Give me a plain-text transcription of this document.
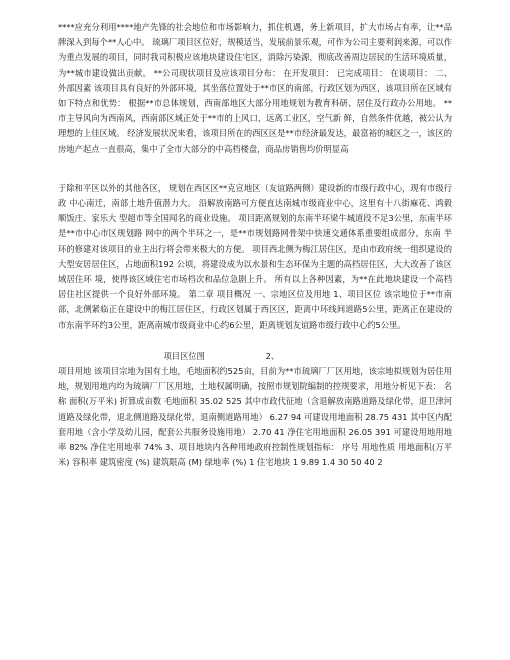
****应充分利用****地产先锋的社会地位和市场影响力，抓住机遇，务上新项目，扩大市场占有率，让**品牌深入到每个**人心中。 琉璃厂项目区位好，规模适当，发展前景乐观，可作为公司主要利润来源，可以作为重点发展的项目，同时我司积极应该地块建设住宅区，消除污染源，彻底改善周边居民的生活环境质量，为**城市建设做出贡献。 **公司现状项目及应该项目分布： 在开发项目： 已完成项目： 在谈项目： 二、外部因素 该项目具有良好的外部环境，其坐落位置处于**市区的南部，行政区划为西区，该项目所在区域有如下特点和优势： 根据**市总体规划，西南部地区大部分用地规划为教育科研、居住及行政办公用地。 **市主导风向为西南风，西南部区域正处于**市的上风口，远离工业区，空气新 鲜，自然条件优越，被公认为理想的上佳区域。 经济发展状况来看，该项目所在的西区区是**市经济最发达，最富裕的城区之一，该区的房地产起点一直很高，集中了全市大部分的中高档楼盘，商品房销售均价明显高

于除和平区以外的其他各区， 规划在西区区**克宣地区（友谊路两侧）建设新的市级行政中心，现有市级行政 中心南迁，南部土地升值潜力大。 沿解放南路可方便直达南城市级商业中心，这里有十八街麻花、鸿毅顺饭庄、家乐大 型超市等全国闻名的商业设施。 项目距离规划的东南半环梁牛城道段不足3公里，东南半环是**市中心市区规划路 网中的两个半环之一，是**市规划路网骨架中快速交通体系重要组成部分，东南 半环的修建对该项目的业主出行将会带来极大的方便。 项目西北侧为梅江居住区，是由市政府统一组织建设的大型安居居住区，占地面积192 公顷，将建设成为以水景和生态环保为主题的高档居住区，大大改善了该区域居住环 境，使得该区域住宅市场档次和品位急剧上升。 所有以上各种因素，为**在此地块建设一个高档居住社区提供一个良好外部环境。 第二章 项目概况 一、宗地区位及用地 1、项目区位 该宗地位于**市南部，北侧紧临正在建设中的梅江居住区，行政区划属于西区区，距离中环线间道路5公里，距离正在建设的市东南半环约3公里，距离南城市级商业中心约6公里，距离规划友谊路市级行政中心约5公里。

项目区位图                       2、

项目用地 该项目宗地为国有土地，毛地面积约525亩，目前为**市琉璃厂厂区用地，该宗地拟规划为居住用地，规划用地内均为琉璃厂厂区用地，土地权属明确，按照市规划院编制的控规要求，用地分析见下表： 名称 面积(万平米) 折算成亩数 毛地面积 35.02 525 其中市政代征地（含退解放南路道路及绿化带，退卫津河道路及绿化带，退北侧道路及绿化带，退南侧道路用地） 6.27 94 可建设用地面积 28.75 431 其中区内配套用地（含小学及幼儿园，配套公共服务设施用地） 2.70 41 净住宅用地面积 26.05 391 可建设用地用地率 82% 净住宅用地率 74% 3、项目地块内各种用地政府控制性规划指标： 序号 用地性质 用地面积(万平米) 容积率 建筑密度 (%) 建筑限高 (M) 绿地率 (%) 1 住宅地块 1 9.89 1.4 30 50 40 2
